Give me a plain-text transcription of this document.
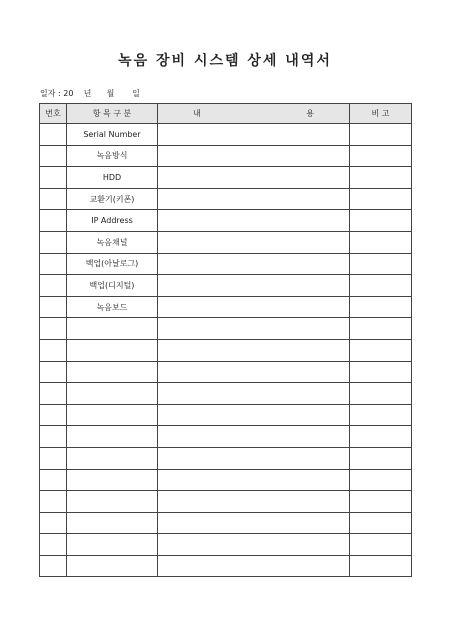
녹음 장비 시스템 상세 내역서
일자 : 20    년      월       일
번호	항 목 구 분	내 용	비 고
	Serial Number		
	녹음방식		
	HDD		
	교환기(키폰)		
	IP Address		
	녹음채널		
	백업(아날로그)		
	백업(디지털)		
	녹음보드		
